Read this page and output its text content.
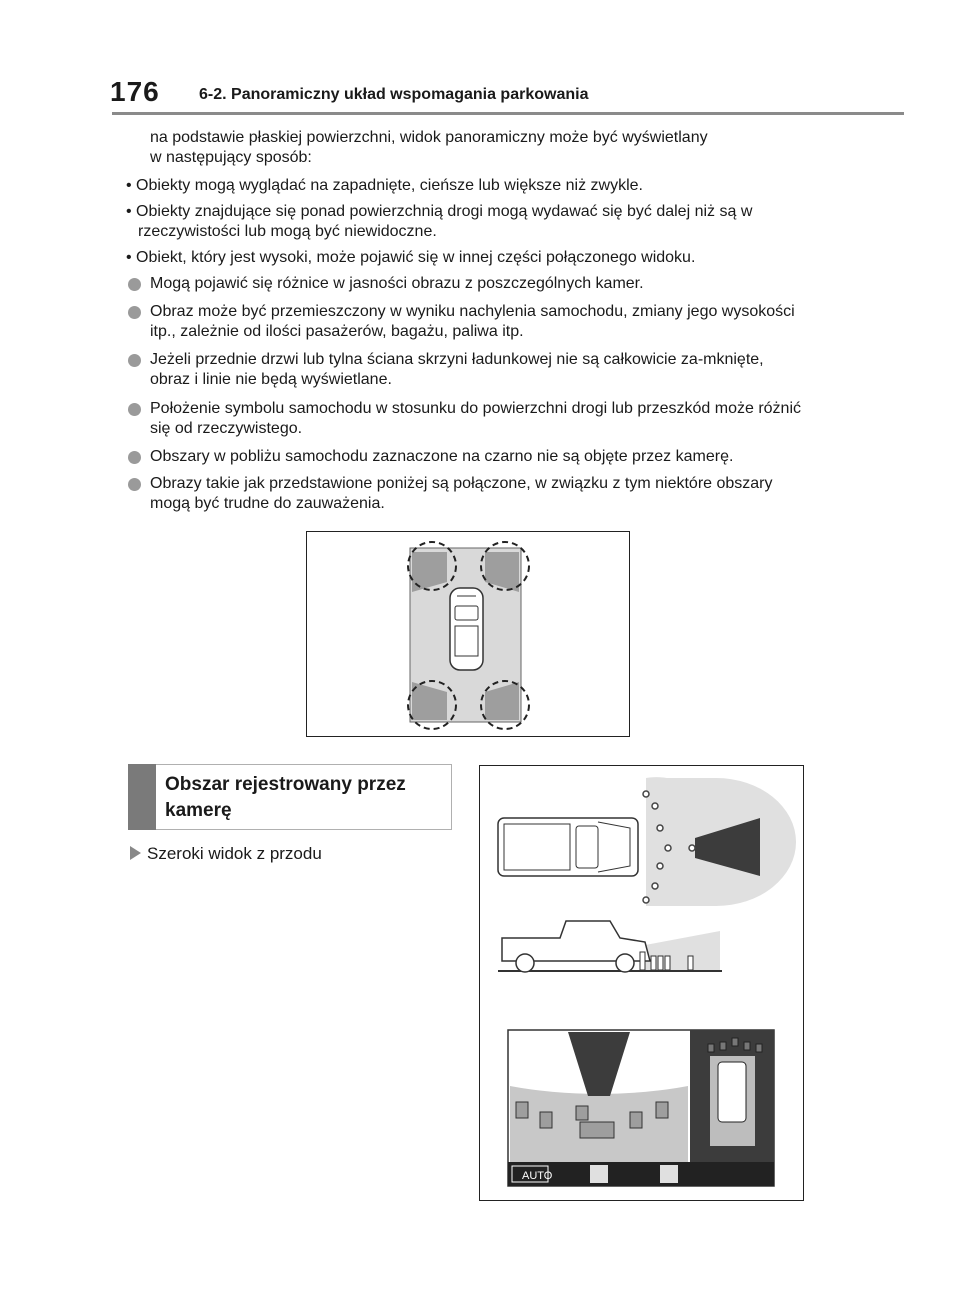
176 6-2. Panoramiczny układ wspomagania parkowania
na podstawie płaskiej powierzchni, widok panoramiczny może być wyświetlany
w następujący sposób:
• Obiekty mogą wyglądać na zapadnięte, cieńsze lub większe niż zwykle.
• Obiekty znajdujące się ponad powierzchnią drogi mogą wydawać się być dalej niż są w rzeczywistości lub mogą być niewidoczne.
• Obiekt, który jest wysoki, może pojawić się w innej części połączonego widoku.
Mogą pojawić się różnice w jasności obrazu z poszczególnych kamer.
Obraz może być przemieszczony w wyniku nachylenia samochodu, zmiany jego wysokości itp., zależnie od ilości pasażerów, bagażu, paliwa itp.
Jeżeli przednie drzwi lub tylna ściana skrzyni ładunkowej nie są całkowicie za-mknięte, obraz i linie nie będą wyświetlane.
Położenie symbolu samochodu w stosunku do powierzchni drogi lub przeszkód może różnić się od rzeczywistego.
Obszary w pobliżu samochodu zaznaczone na czarno nie są objęte przez kamerę.
Obrazy takie jak przedstawione poniżej są połączone, w związku z tym niektóre obszary mogą być trudne do zauważenia.
Obszar rejestrowany przez kamerę
Szeroki widok z przodu
AUTO
